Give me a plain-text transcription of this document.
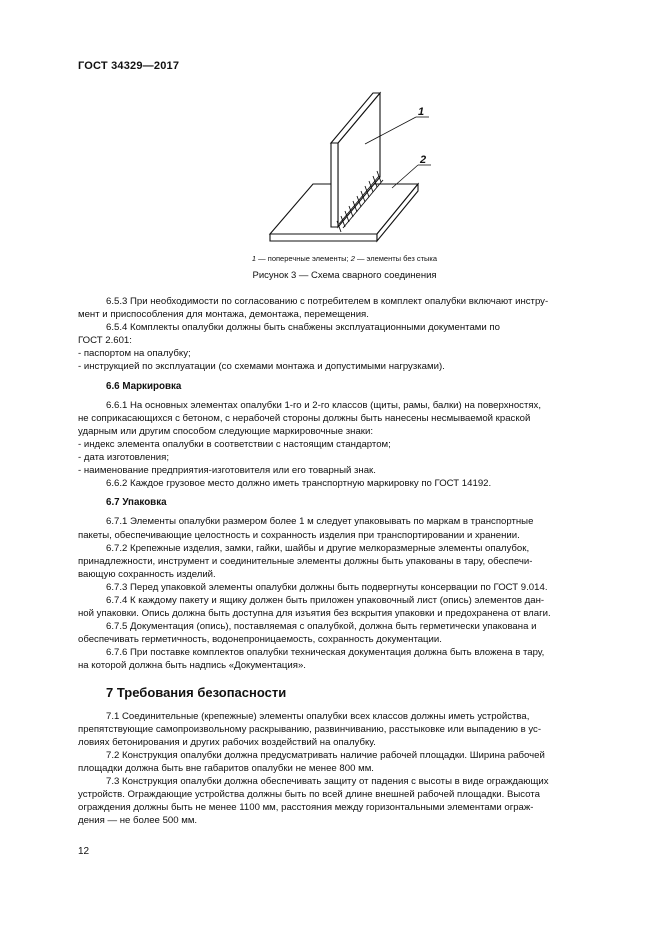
ГОСТ 34329—2017
1
2
1 — поперечные элементы; 2 — элементы без стыка
Рисунок 3 — Схема сварного соединения

6.5.3 При необходимости по согласованию с потребителем в комплект опалубки включают инстру-

мент и приспособления для монтажа, демонтажа, перемещения.

6.5.4 Комплекты опалубки должны быть снабжены эксплуатационными документами по

ГОСТ 2.601:

- паспортом на опалубку;

- инструкцией по эксплуатации (со схемами монтажа и допустимыми нагрузками).

6.6 Маркировка

6.6.1 На основных элементах опалубки 1-го и 2-го классов (щиты, рамы, балки) на поверхностях,

не соприкасающихся с бетоном, с нерабочей стороны должны быть нанесены несмываемой краской

ударным или другим способом следующие маркировочные знаки:

- индекс элемента опалубки в соответствии с настоящим стандартом;

- дата изготовления;

- наименование предприятия-изготовителя или его товарный знак.

6.6.2 Каждое грузовое место должно иметь транспортную маркировку по ГОСТ 14192.

6.7 Упаковка

6.7.1 Элементы опалубки размером более 1 м следует упаковывать по маркам в транспортные

пакеты, обеспечивающие целостность и сохранность изделия при транспортировании и хранении.

6.7.2 Крепежные изделия, замки, гайки, шайбы и другие мелкоразмерные элементы опалубок,

принадлежности, инструмент и соединительные элементы должны быть упакованы в тару, обеспечи-

вающую сохранность изделий.

6.7.3 Перед упаковкой элементы опалубки должны быть подвергнуты консервации по ГОСТ 9.014.

6.7.4 К каждому пакету и ящику должен быть приложен упаковочный лист (опись) элементов дан-

ной упаковки. Опись должна быть доступна для изъятия без вскрытия упаковки и предохранена от влаги.

6.7.5 Документация (опись), поставляемая с опалубкой, должна быть герметически упакована и

обеспечивать герметичность, водонепроницаемость, сохранность документации.

6.7.6 При поставке комплектов опалубки техническая документация должна быть вложена в тару,

на которой должна быть надпись «Документация».

7 Требования безопасности

7.1 Соединительные (крепежные) элементы опалубки всех классов должны иметь устройства,

препятствующие самопроизвольному раскрыванию, развинчиванию, расстыковке или выпадению в ус-

ловиях бетонирования и других рабочих воздействий на опалубку.

7.2 Конструкция опалубки должна предусматривать наличие рабочей площадки. Ширина рабочей

площадки должна быть вне габаритов опалубки не менее 800 мм.

7.3 Конструкция опалубки должна обеспечивать защиту от падения с высоты в виде ограждающих

устройств. Ограждающие устройства должны быть по всей длине внешней рабочей площадки. Высота

ограждения должны быть не менее 1100 мм, расстояния между горизонтальными элементами ограж-

дения — не более 500 мм.

12
